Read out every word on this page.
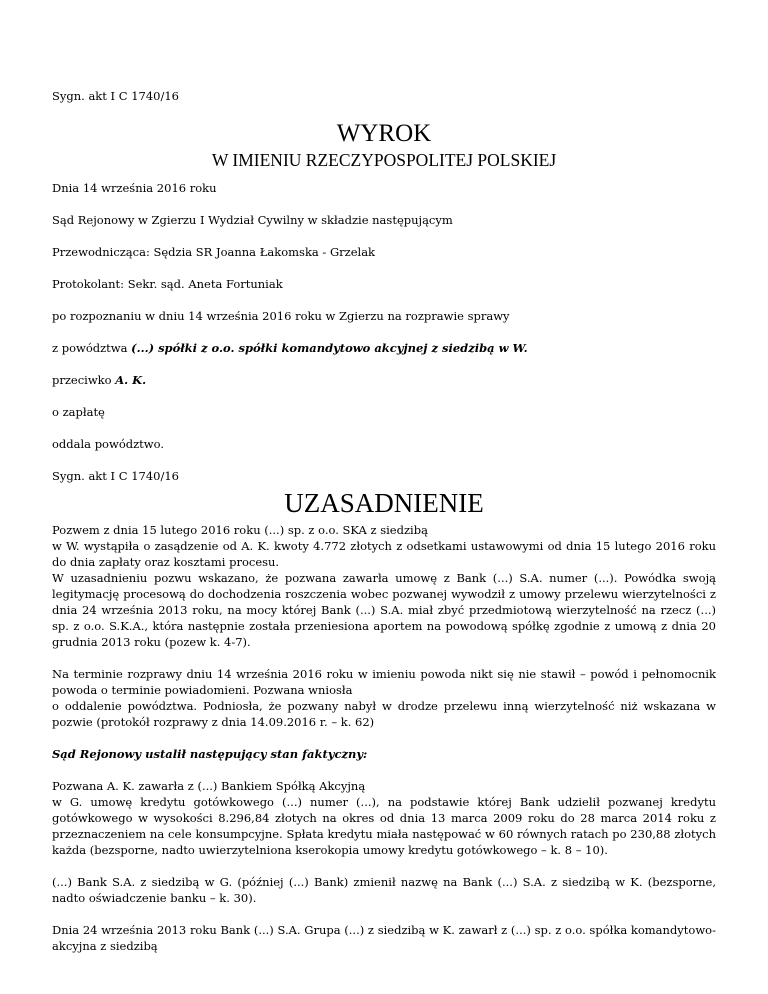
Sygn. akt I C 1740/16

WYROK
W IMIENIU RZECZYPOSPOLITEJ POLSKIEJ

Dnia 14 września 2016 roku

Sąd Rejonowy w Zgierzu I Wydział Cywilny w składzie następującym

Przewodnicząca: Sędzia SR Joanna Łakomska - Grzelak

Protokolant: Sekr. sąd. Aneta Fortuniak

po rozpoznaniu w dniu 14 września 2016 roku w Zgierzu na rozprawie sprawy

z powództwa (...) spółki z o.o. spółki komandytowo akcyjnej z siedzibą w W.

przeciwko A. K.

o zapłatę

oddala powództwo.

Sygn. akt I C 1740/16

UZASADNIENIE

Pozwem z dnia 15 lutego 2016 roku (...) sp. z o.o. SKA z siedzibą

w W. wystąpiła o zasądzenie od A. K. kwoty 4.772 złotych z odsetkami ustawowymi od dnia 15 lutego 2016 roku do dnia zapłaty oraz kosztami procesu.

W uzasadnieniu pozwu wskazano, że pozwana zawarła umowę z Bank (...) S.A. numer (...). Powódka swoją legitymację procesową do dochodzenia roszczenia wobec pozwanej wywodził z umowy przelewu wierzytelności z dnia 24 września 2013 roku, na mocy której Bank (...) S.A. miał zbyć przedmiotową wierzytelność na rzecz (...) sp. z o.o. S.K.A., która następnie została przeniesiona aportem na powodową spółkę zgodnie z umową z dnia 20 grudnia 2013 roku (pozew k. 4-7).

Na terminie rozprawy dniu 14 września 2016 roku w imieniu powoda nikt się nie stawił – powód i pełnomocnik powoda o terminie powiadomieni. Pozwana wniosła

o oddalenie powództwa. Podniosła, że pozwany nabył w drodze przelewu inną wierzytelność niż wskazana w pozwie (protokół rozprawy z dnia 14.09.2016 r. – k. 62)

Sąd Rejonowy ustalił następujący stan faktyczny:

Pozwana A. K. zawarła z (...) Bankiem Spółką Akcyjną

w G. umowę kredytu gotówkowego (...) numer (...), na podstawie której Bank udzielił pozwanej kredytu gotówkowego w wysokości 8.296,84 złotych na okres od dnia 13 marca 2009 roku do 28 marca 2014 roku z przeznaczeniem na cele konsumpcyjne. Spłata kredytu miała następować w 60 równych ratach po 230,88 złotych każda (bezsporne, nadto uwierzytelniona kserokopia umowy kredytu gotówkowego – k. 8 – 10).

(...) Bank S.A. z siedzibą w G. (później (...) Bank) zmienił nazwę na Bank (...) S.A. z siedzibą w K. (bezsporne, nadto oświadczenie banku – k. 30).

Dnia 24 września 2013 roku Bank (...) S.A. Grupa (...) z siedzibą w K. zawarł z (...) sp. z o.o. spółka komandytowo-akcyjna z siedzibą
